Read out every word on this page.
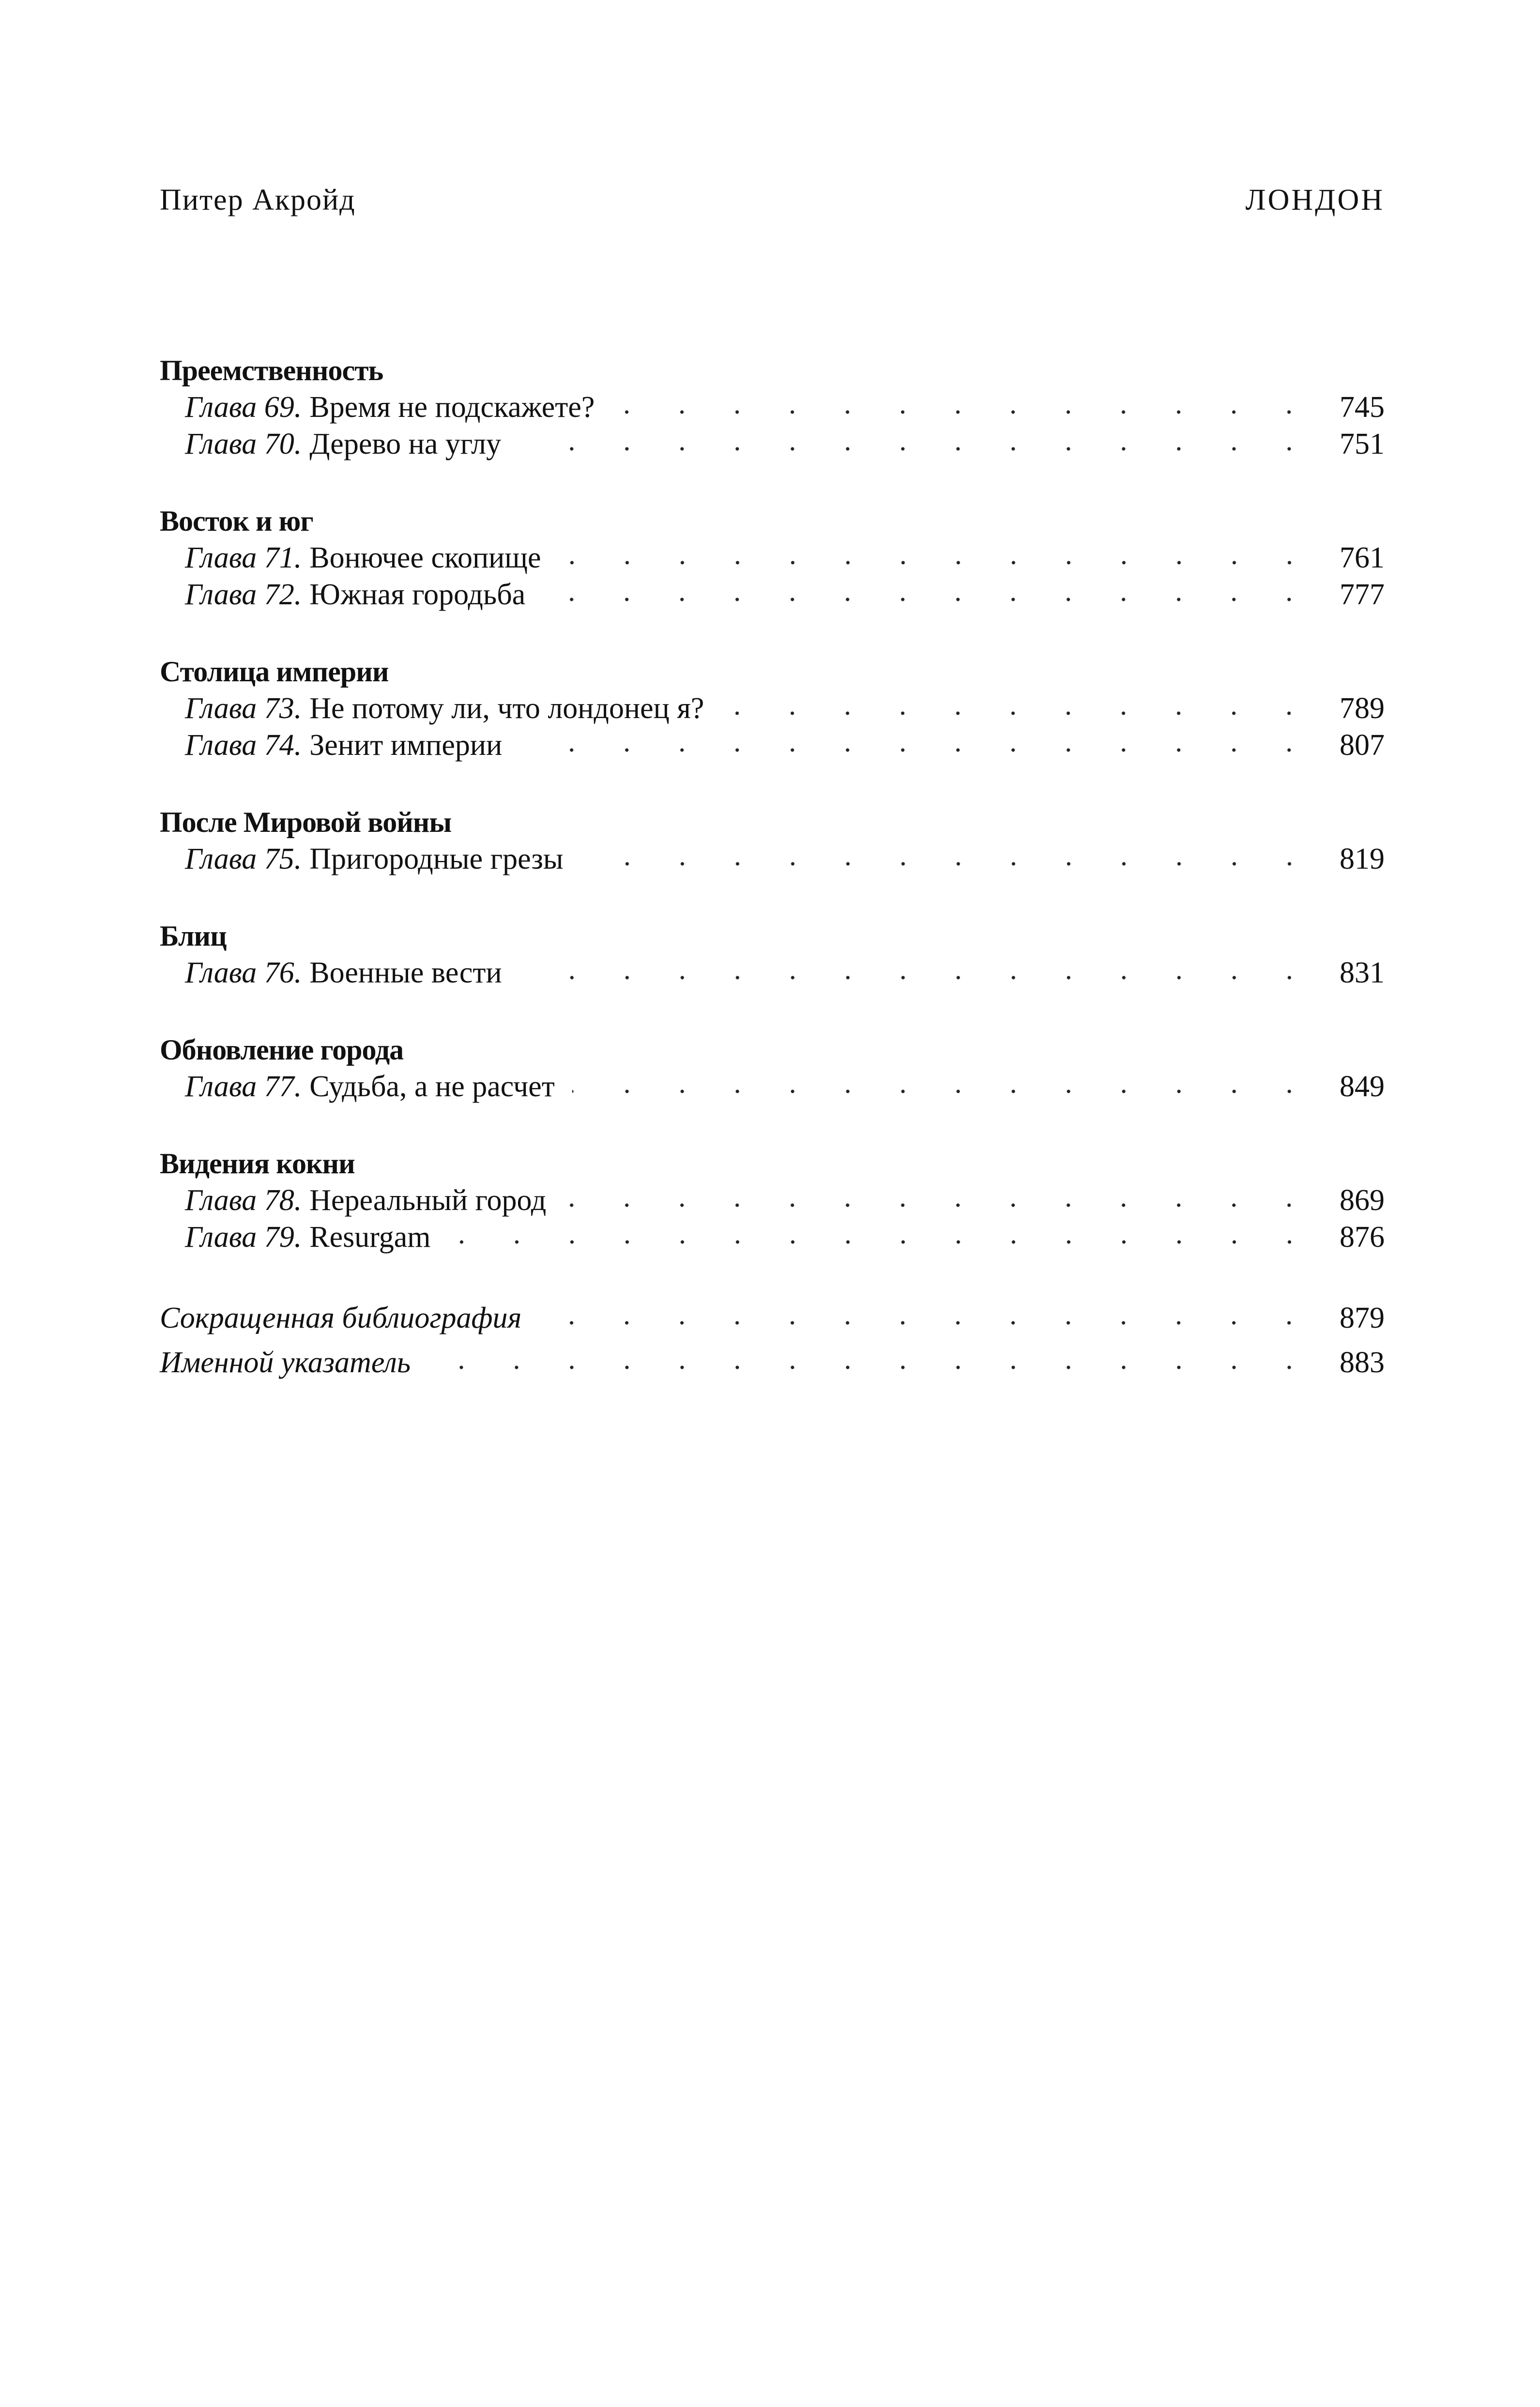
Питер Акройд	ЛОНДОН
Преемственность
Глава 69. Время не подскажете?	745
Глава 70. Дерево на углу	751
Восток и юг
Глава 71. Вонючее скопище	761
Глава 72. Южная городьба	777
Столица империи
Глава 73. Не потому ли, что лондонец я?	789
Глава 74. Зенит империи	807
После Мировой войны
Глава 75. Пригородные грезы	819
Блиц
Глава 76. Военные вести	831
Обновление города
Глава 77. Судьба, а не расчет	849
Видения кокни
Глава 78. Нереальный город	869
Глава 79. Resurgam	876
Сокращенная библиография	879
Именной указатель	883
